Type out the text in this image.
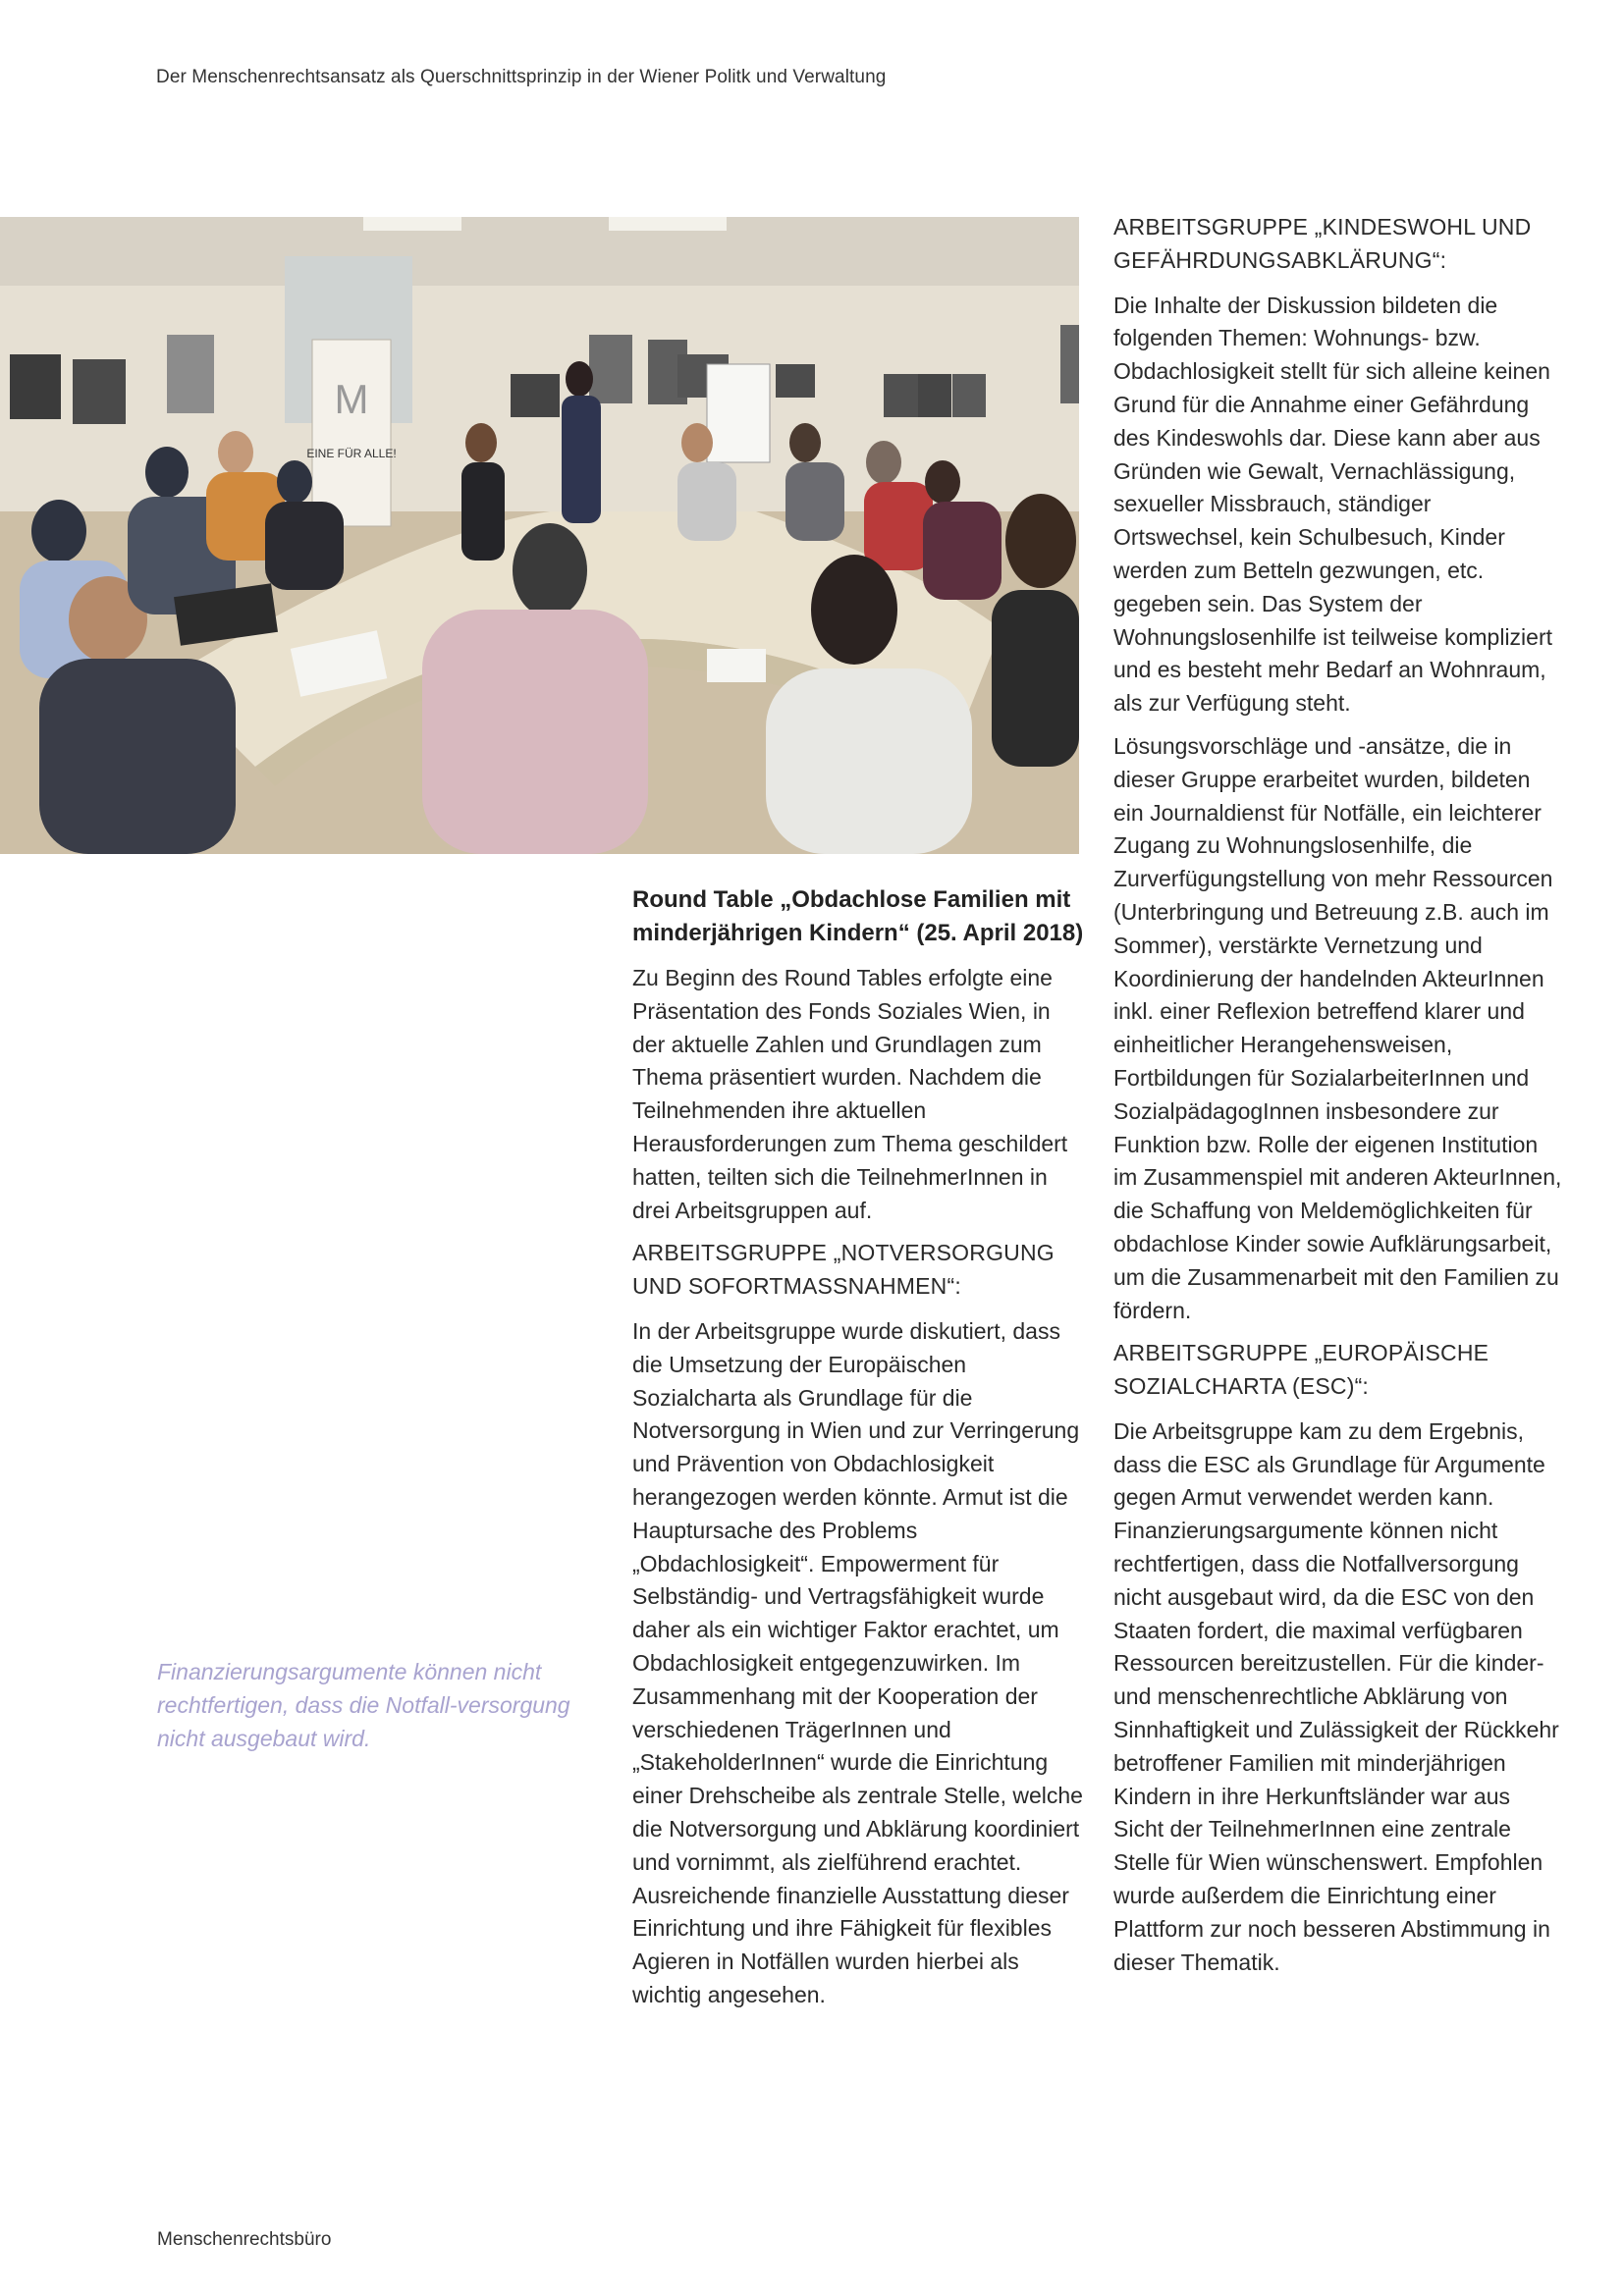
Der Menschenrechtsansatz als Querschnittsprinzip in der Wiener Politk und Verwaltung
M
EINE FÜR ALLE!
Finanzierungsargumente können nicht rechtfertigen, dass die Notfall-versorgung nicht ausgebaut wird.
Round Table „Obdachlose Familien mit minderjährigen Kindern“ (25. April 2018)

Zu Beginn des Round Tables erfolgte eine Präsentation des Fonds Soziales Wien, in der aktuelle Zahlen und Grundlagen zum Thema präsentiert wurden. Nachdem die Teilnehmenden ihre aktuellen Herausforderungen zum Thema geschildert hatten, teilten sich die TeilnehmerInnen in drei Arbeitsgruppen auf.

ARBEITSGRUPPE „NOTVERSORGUNG UND SOFORTMASSNAHMEN“:

In der Arbeitsgruppe wurde diskutiert, dass die Umsetzung der Europäischen Sozialcharta als Grundlage für die Notversorgung in Wien und zur Verringerung und Prävention von Obdachlosigkeit herangezogen werden könnte. Armut ist die Hauptursache des Problems „Obdachlosigkeit“. Empowerment für Selbständig- und Vertragsfähigkeit wurde daher als ein wichtiger Faktor erachtet, um Obdachlosigkeit entgegenzuwirken. Im Zusammenhang mit der Kooperation der verschiedenen TrägerInnen und „StakeholderInnen“ wurde die Einrichtung einer Drehscheibe als zentrale Stelle, welche die Notversorgung und Abklärung koordiniert und vornimmt, als zielführend erachtet. Ausreichende finanzielle Ausstattung dieser Einrichtung und ihre Fähigkeit für flexibles Agieren in Notfällen wurden hierbei als wichtig angesehen.

ARBEITSGRUPPE „KINDESWOHL UND GEFÄHRDUNGSABKLÄRUNG“:

Die Inhalte der Diskussion bildeten die folgenden Themen: Wohnungs- bzw. Obdachlosigkeit stellt für sich alleine keinen Grund für die Annahme einer Gefährdung des Kindeswohls dar. Diese kann aber aus Gründen wie Gewalt, Vernachlässigung, sexueller Missbrauch, ständiger Ortswechsel, kein Schulbesuch, Kinder werden zum Betteln gezwungen, etc. gegeben sein. Das System der Wohnungslosenhilfe ist teilweise kompliziert und es besteht mehr Bedarf an Wohnraum, als zur Verfügung steht.

Lösungsvorschläge und -ansätze, die in dieser Gruppe erarbeitet wurden, bildeten ein Journaldienst für Notfälle, ein leichterer Zugang zu Wohnungslosenhilfe, die Zurverfügungstellung von mehr Ressourcen (Unterbringung und Betreuung z.B. auch im Sommer), verstärkte Vernetzung und Koordinierung der handelnden AkteurInnen inkl. einer Reflexion betreffend klarer und einheitlicher Herangehensweisen, Fortbildungen für SozialarbeiterInnen und SozialpädagogInnen insbesondere zur Funktion bzw. Rolle der eigenen Institution im Zusammenspiel mit anderen AkteurInnen, die Schaffung von Meldemöglichkeiten für obdachlose Kinder sowie Aufklärungsarbeit, um die Zusammenarbeit mit den Familien zu fördern.

ARBEITSGRUPPE „EUROPÄISCHE SOZIALCHARTA (ESC)“:

Die Arbeitsgruppe kam zu dem Ergebnis, dass die ESC als Grundlage für Argumente gegen Armut verwendet werden kann. Finanzierungsargumente können nicht rechtfertigen, dass die Notfallversorgung nicht ausgebaut wird, da die ESC von den Staaten fordert, die maximal verfügbaren Ressourcen bereitzustellen. Für die kinder- und menschenrechtliche Abklärung von Sinnhaftigkeit und Zulässigkeit der Rückkehr betroffener Familien mit minderjährigen Kindern in ihre Herkunftsländer war aus Sicht der TeilnehmerInnen eine zentrale Stelle für Wien wünschenswert. Empfohlen wurde außerdem die Einrichtung einer Plattform zur noch besseren Abstimmung in dieser Thematik.

Menschenrechtsbüro
